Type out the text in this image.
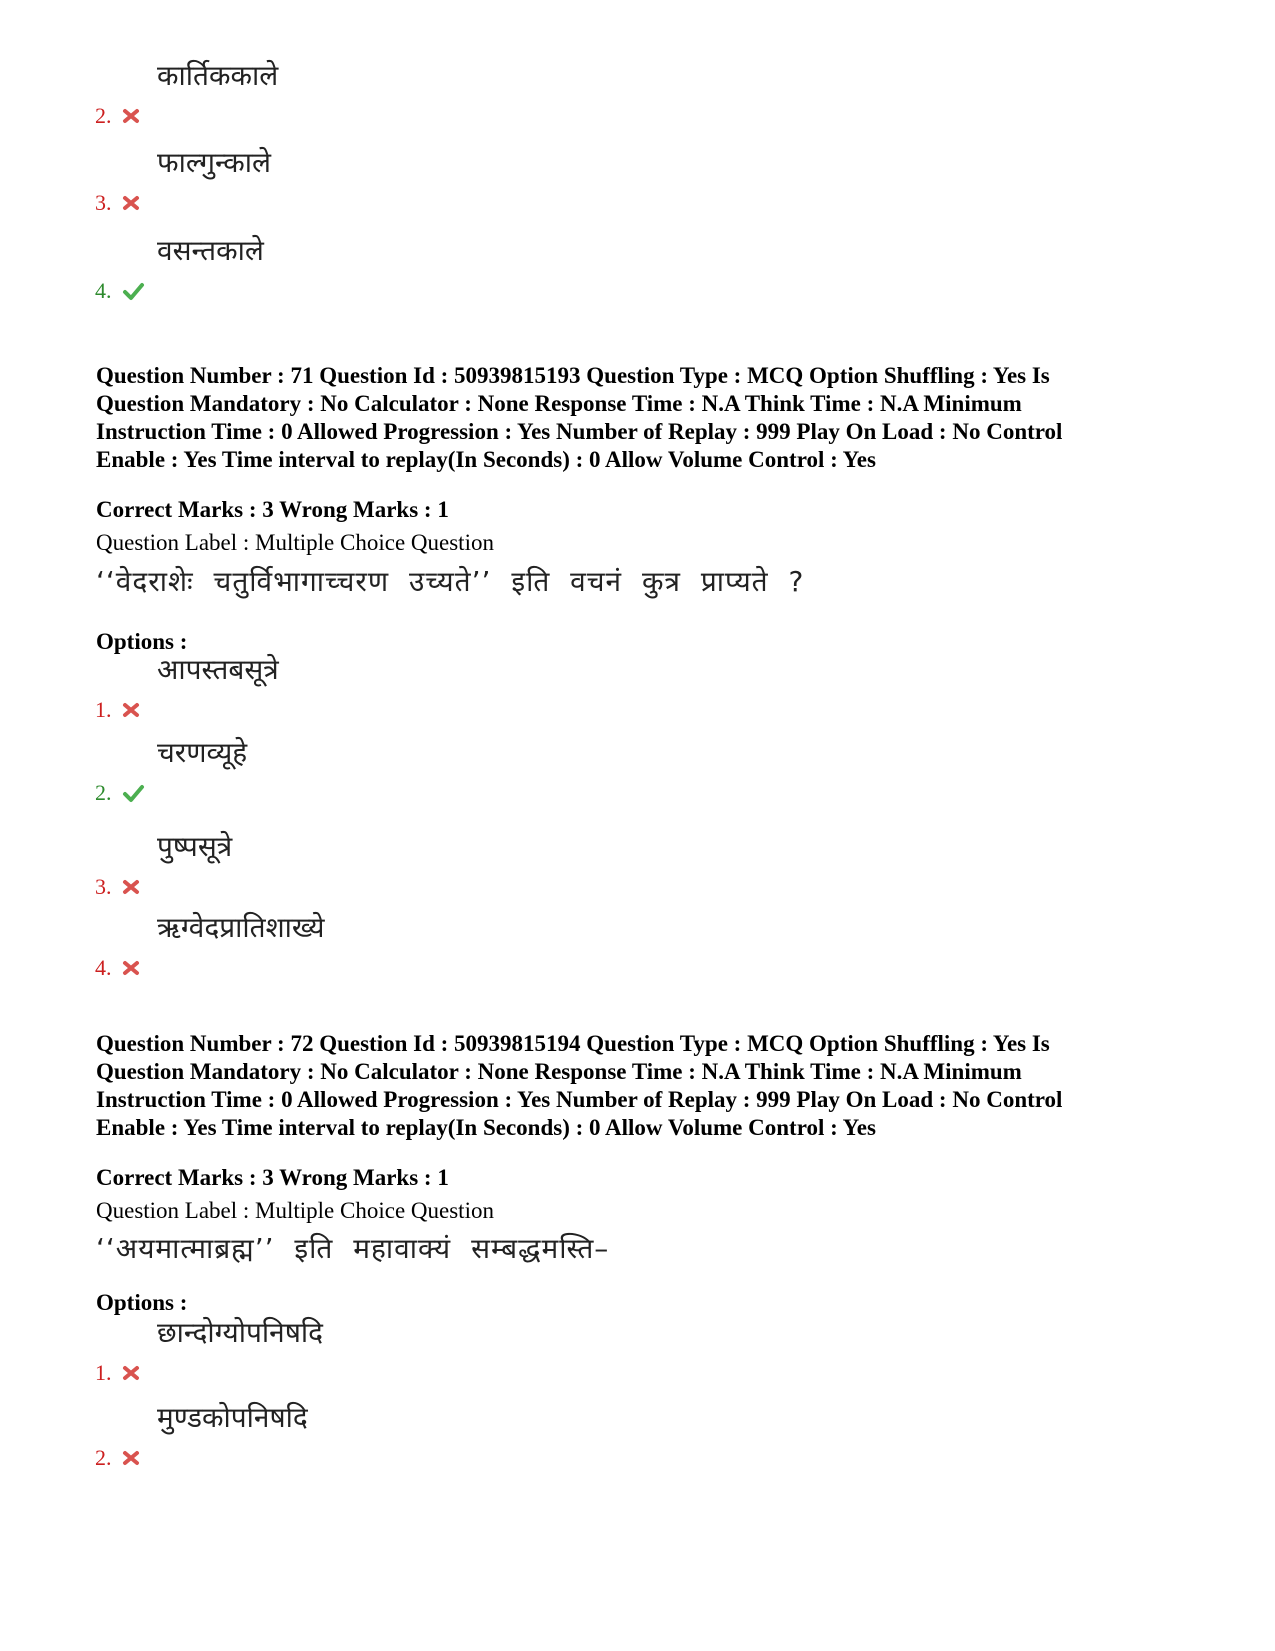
2.
कार्तिककाले
3.
फाल्गुन्काले
4.
वसन्तकाले
Question Number : 71 Question Id : 50939815193 Question Type : MCQ Option Shuffling : Yes Is
Question Mandatory : No Calculator : None Response Time : N.A Think Time : N.A Minimum
Instruction Time : 0 Allowed Progression : Yes Number of Replay : 999 Play On Load : No Control
Enable : Yes Time interval to replay(In Seconds) : 0 Allow Volume Control : Yes
Correct Marks : 3 Wrong Marks : 1
Question Label : Multiple Choice Question
‘‘वेदराशेः चतुर्विभागाच्चरण उच्यते’’ इति वचनं कुत्र प्राप्यते ?
Options :
1.
आपस्तबसूत्रे
2.
चरणव्यूहे
3.
पुष्पसूत्रे
4.
ऋग्वेदप्रातिशाख्ये
Question Number : 72 Question Id : 50939815194 Question Type : MCQ Option Shuffling : Yes Is
Question Mandatory : No Calculator : None Response Time : N.A Think Time : N.A Minimum
Instruction Time : 0 Allowed Progression : Yes Number of Replay : 999 Play On Load : No Control
Enable : Yes Time interval to replay(In Seconds) : 0 Allow Volume Control : Yes
Correct Marks : 3 Wrong Marks : 1
Question Label : Multiple Choice Question
‘‘अयमात्माब्रह्म’’ इति महावाक्यं सम्बद्धमस्ति–
Options :
1.
छान्दोग्योपनिषदि
2.
मुण्डकोपनिषदि
